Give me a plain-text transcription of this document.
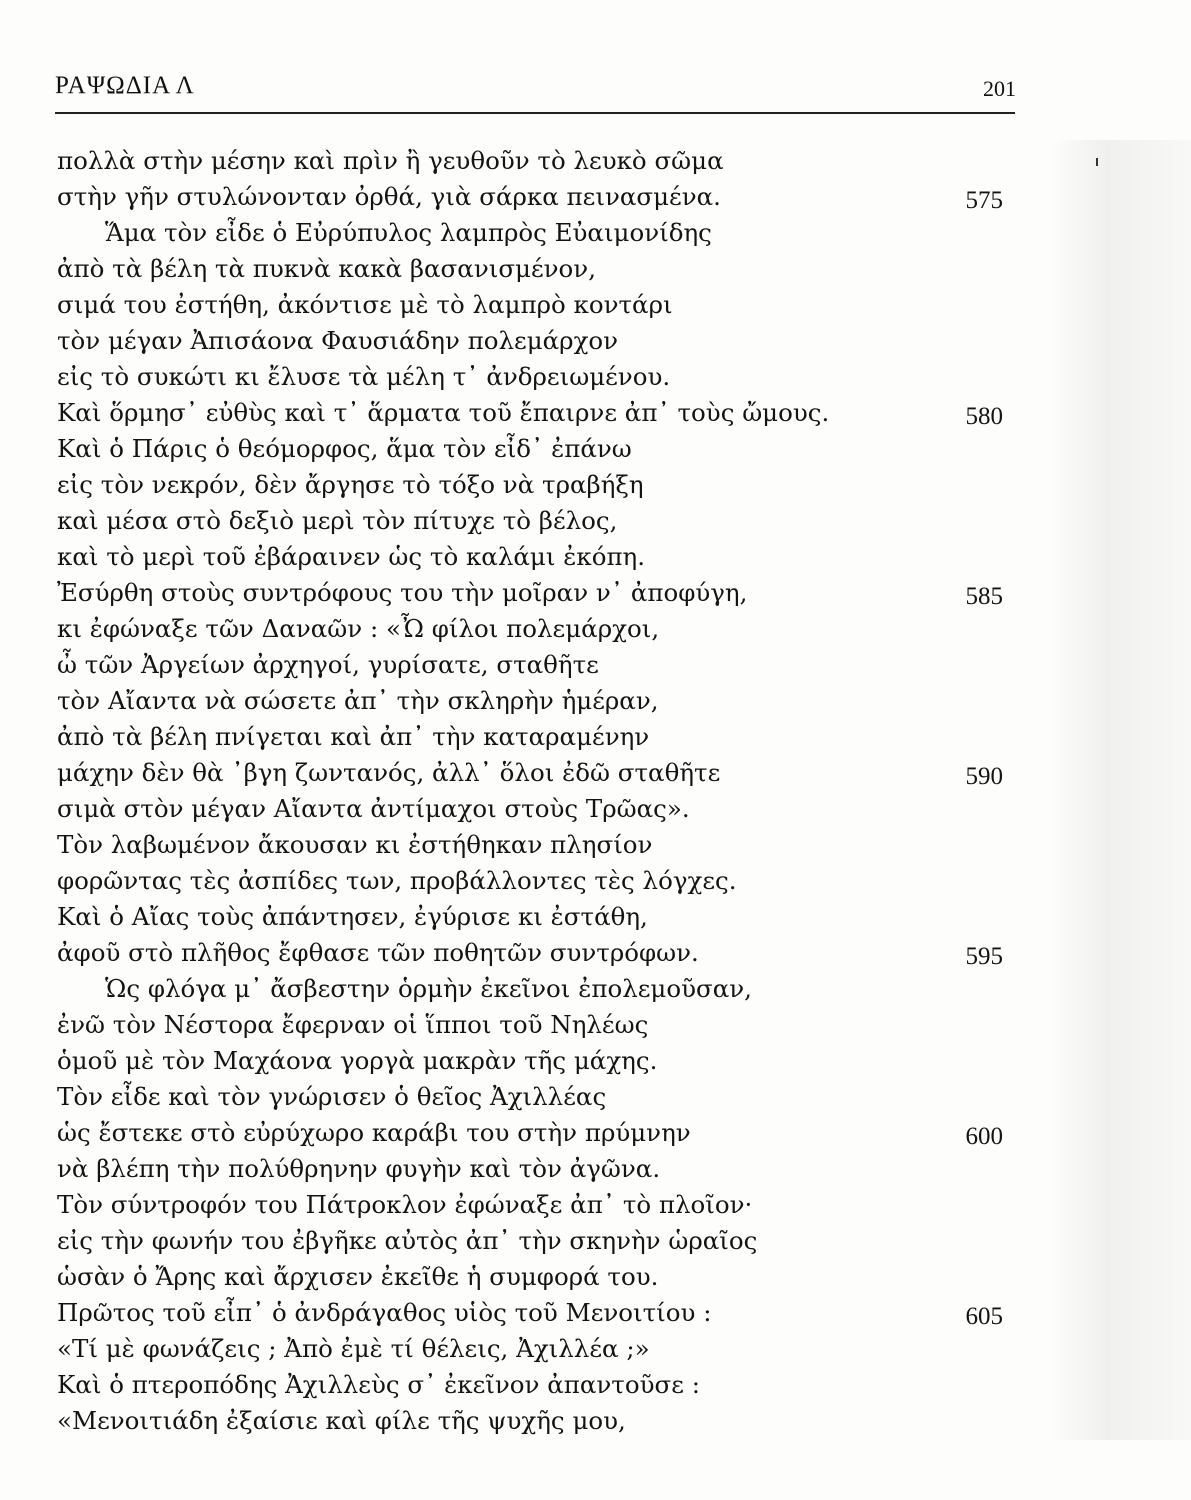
ΡΑΨΩΔΙΑ Λ	201
πολλὰ στὴν μέσην καὶ πρὶν ἢ γευθοῦν τὸ λευκὸ σῶμα
στὴν γῆν στυλώνονταν ὀρθά, γιὰ σάρκα πεινασμένα.	575
Ἅμα τὸν εἶδε ὁ Εὐρύπυλος λαμπρὸς Εὐαιμονίδης
ἀπὸ τὰ βέλη τὰ πυκνὰ κακὰ βασανισμένον,
σιμά του ἐστήθη, ἀκόντισε μὲ τὸ λαμπρὸ κοντάρι
τὸν μέγαν Ἀπισάονα Φαυσιάδην πολεμάρχον
εἰς τὸ συκώτι κι ἔλυσε τὰ μέλη τ᾽ ἀνδρειωμένου.
Καὶ ὅρμησ᾽ εὐθὺς καὶ τ᾽ ἅρματα τοῦ ἔπαιρνε ἀπ᾽ τοὺς ὤμους.	580
Καὶ ὁ Πάρις ὁ θεόμορφος, ἅμα τὸν εἶδ᾽ ἐπάνω
εἰς τὸν νεκρόν, δὲν ἄργησε τὸ τόξο νὰ τραβήξη
καὶ μέσα στὸ δεξιὸ μερὶ τὸν πίτυχε τὸ βέλος,
καὶ τὸ μερὶ τοῦ ἐβάραινεν ὡς τὸ καλάμι ἐκόπη.
Ἐσύρθη στοὺς συντρόφους του τὴν μοῖραν ν᾽ ἀποφύγη,	585
κι ἐφώναξε τῶν Δαναῶν : «Ὦ φίλοι πολεμάρχοι,
ὦ τῶν Ἀργείων ἀρχηγοί, γυρίσατε, σταθῆτε
τὸν Αἴαντα νὰ σώσετε ἀπ᾽ τὴν σκληρὴν ἡμέραν,
ἀπὸ τὰ βέλη πνίγεται καὶ ἀπ᾽ τὴν καταραμένην
μάχην δὲν θὰ ᾽βγη ζωντανός, ἀλλ᾽ ὅλοι ἐδῶ σταθῆτε	590
σιμὰ στὸν μέγαν Αἴαντα ἀντίμαχοι στοὺς Τρῶας».
Τὸν λαβωμένον ἄκουσαν κι ἐστήθηκαν πλησίον
φορῶντας τὲς ἀσπίδες των, προβάλλοντες τὲς λόγχες.
Καὶ ὁ Αἴας τοὺς ἀπάντησεν, ἐγύρισε κι ἐστάθη,
ἀφοῦ στὸ πλῆθος ἔφθασε τῶν ποθητῶν συντρόφων.	595
Ὡς φλόγα μ᾽ ἄσβεστην ὁρμὴν ἐκεῖνοι ἐπολεμοῦσαν,
ἐνῶ τὸν Νέστορα ἔφερναν οἱ ἵπποι τοῦ Νηλέως
ὁμοῦ μὲ τὸν Μαχάονα γοργὰ μακρὰν τῆς μάχης.
Τὸν εἶδε καὶ τὸν γνώρισεν ὁ θεῖος Ἀχιλλέας
ὡς ἔστεκε στὸ εὐρύχωρο καράβι του στὴν πρύμνην	600
νὰ βλέπη τὴν πολύθρηνην φυγὴν καὶ τὸν ἀγῶνα.
Τὸν σύντροφόν του Πάτροκλον ἐφώναξε ἀπ᾽ τὸ πλοῖον·
εἰς τὴν φωνήν του ἐβγῆκε αὐτὸς ἀπ᾽ τὴν σκηνὴν ὡραῖος
ὡσὰν ὁ Ἄρης καὶ ἄρχισεν ἐκεῖθε ἡ συμφορά του.
Πρῶτος τοῦ εἶπ᾽ ὁ ἀνδράγαθος υἱὸς τοῦ Μενοιτίου :	605
«Τί μὲ φωνάζεις ; Ἀπὸ ἐμὲ τί θέλεις, Ἀχιλλέα ;»
Καὶ ὁ πτεροπόδης Ἀχιλλεὺς σ᾽ ἐκεῖνον ἀπαντοῦσε :
«Μενοιτιάδη ἐξαίσιε καὶ φίλε τῆς ψυχῆς μου,
